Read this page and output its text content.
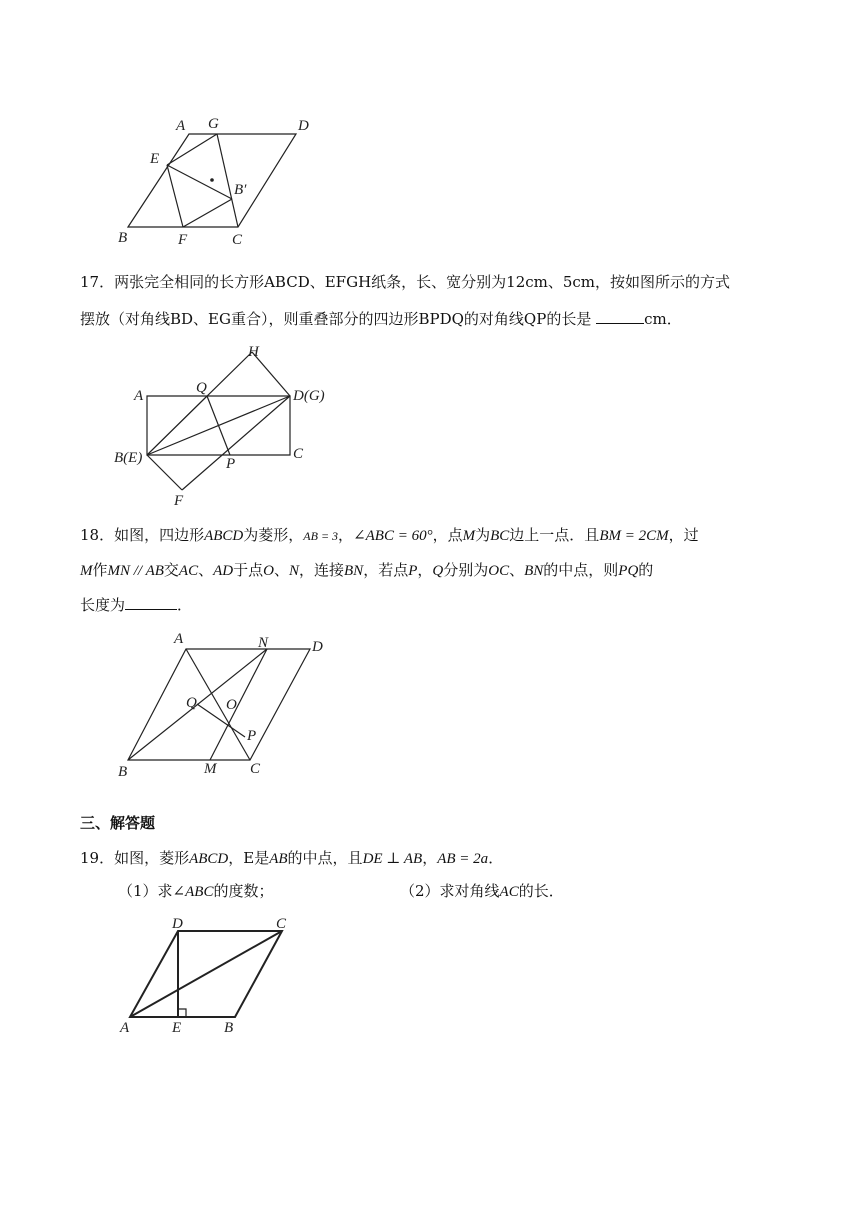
A G	D
E
B′
B	F	C
17．两张完全相同的长方形ABCD、EFGH纸条，长、宽分别为12cm、5cm，按如图所示的方式
摆放（对角线BD、EG重合），则重叠部分的四边形BPDQ的对角线QP的长是	cm．
H
A	Q	D(G)
B(E)	P
C
F
18．如图，四边形ABCD为菱形，AB = 3，∠ABC = 60°，点M为BC边上一点．且BM = 2CM，过
M作MN // AB交AC、AD于点O、N，连接BN，若点P，Q分别为OC、BN的中点，则PQ的
长度为	．
A	N	D
Q O
P
B	M C
三、解答题
19．如图，菱形ABCD，E是AB的中点，且DE ⊥ AB，AB = 2a．
（1）求∠ABC的度数；	（2）求对角线AC的长．
D	C
A	E	B
